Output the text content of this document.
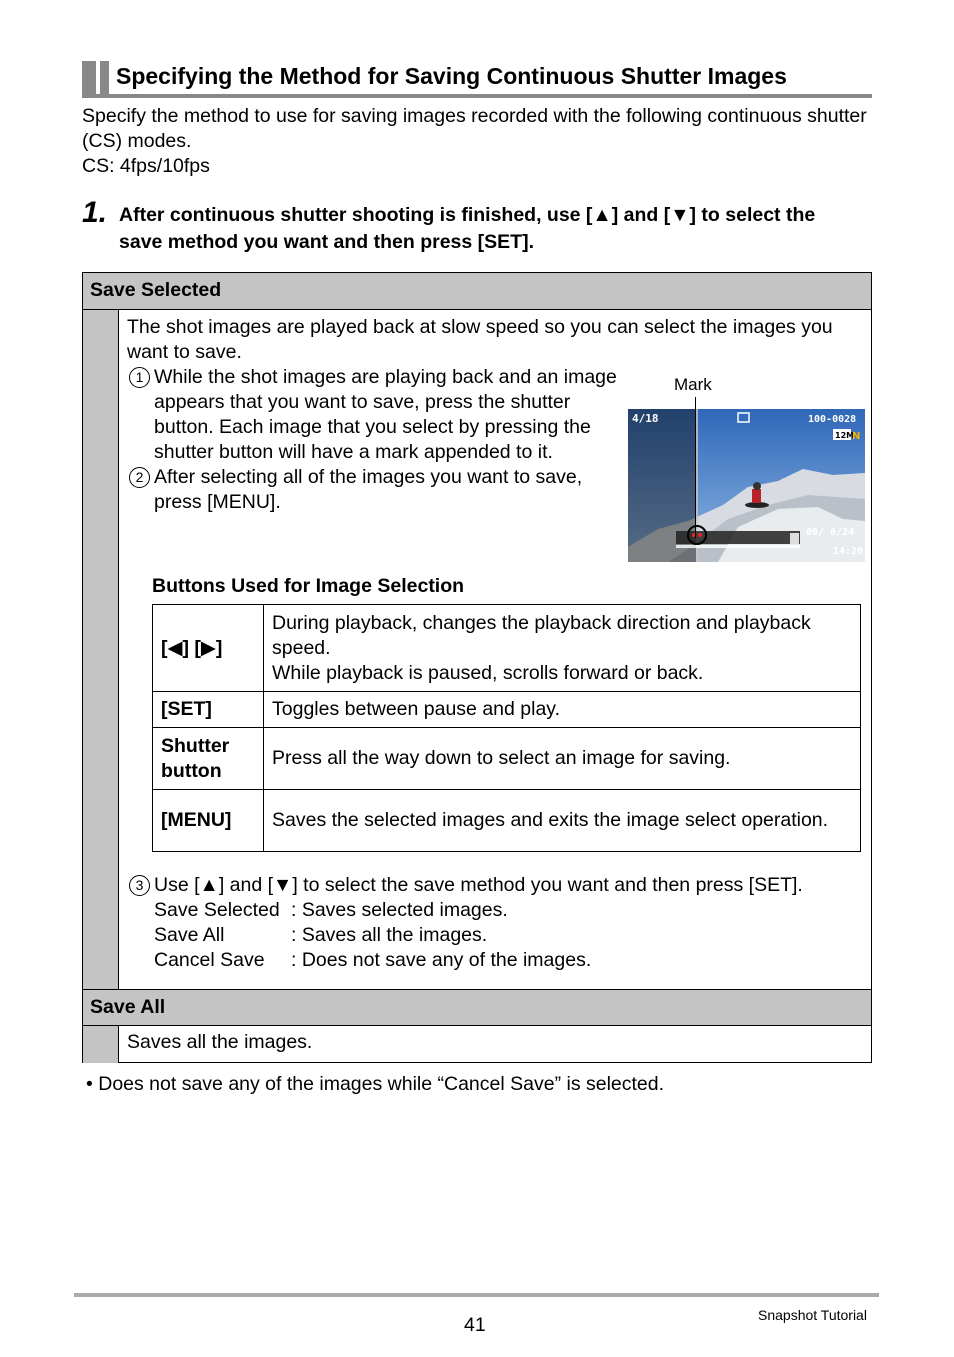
Specifying the Method for Saving Continuous Shutter Images
Specify the method to use for saving images recorded with the following continuous shutter (CS) modes.
CS: 4fps/10fps
1. After continuous shutter shooting is finished, use [▲] and [▼] to select the save method you want and then press [SET].
Save Selected
The shot images are played back at slow speed so you can select the images you want to save.
1 While the shot images are playing back and an image appears that you want to save, press the shutter button. Each image that you select by pressing the shutter button will have a mark appended to it.
2 After selecting all of the images you want to save, press [MENU].
Mark
4/18	100-0028
12M
N
09/ 6/24
14:29
Buttons Used for Image Selection
[◀] [▶]	During playback, changes the playback direction and playback speed.
While playback is paused, scrolls forward or back.
[SET]	Toggles between pause and play.
Shutter button	Press all the way down to select an image for saving.
[MENU]	Saves the selected images and exits the image select operation.
3 Use [▲] and [▼] to select the save method you want and then press [SET].
Save Selected : Saves selected images.
Save All	: Saves all the images.
Cancel Save	: Does not save any of the images.
Save All
Saves all the images.
• Does not save any of the images while “Cancel Save” is selected.
41	Snapshot Tutorial
